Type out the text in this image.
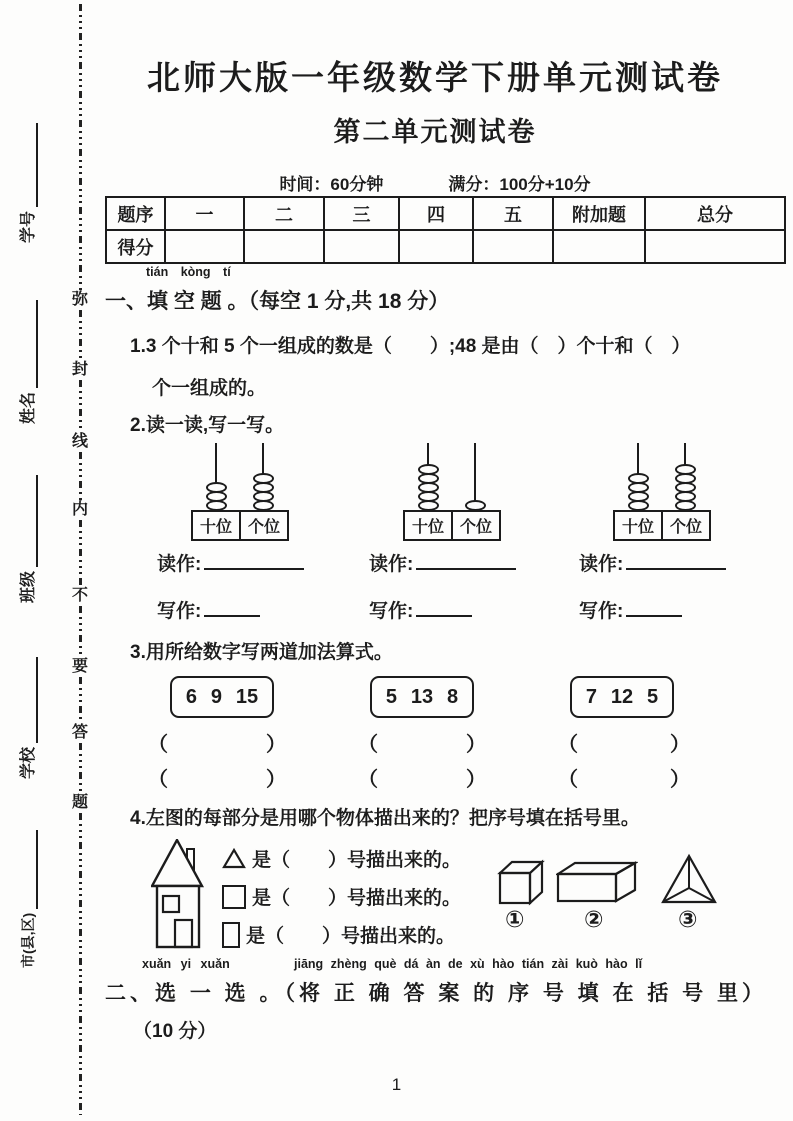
学号
姓名
班级
学校
市(县,区)
弥
封
线
内
不
要
答
题
北师大版一年级数学下册单元测试卷
第二单元测试卷
时间：60分钟	满分：100分+10分
题序	一	二	三	四	五	附加题	总分
得分							
tián kòng tí
一、填 空 题 。（每空 1 分,共 18 分）
1.3 个十和 5 个一组成的数是（　　）;48 是由（　）个十和（　）
个一组成的。
2.读一读,写一写。
十位 个位
读作:
写作:
十位 个位
读作:
写作:
十位 个位
读作:
写作:
3.用所给数字写两道加法算式。
6 9 15	5 13 8	7 12 5
（	）	（	）	（	）
（	）	（	）	（	）
4.左图的每部分是用哪个物体描出来的？把序号填在括号里。
是（　　）号描出来的。
是（　　）号描出来的。
是（　　）号描出来的。
①	②	③
xuǎn yi xuǎn	jiāng zhèng què dá àn de xù hào tián zài kuò hào lǐ
二、选 一 选 。（将 正 确 答 案 的 序 号 填 在 括 号 里）
（10 分）
1
